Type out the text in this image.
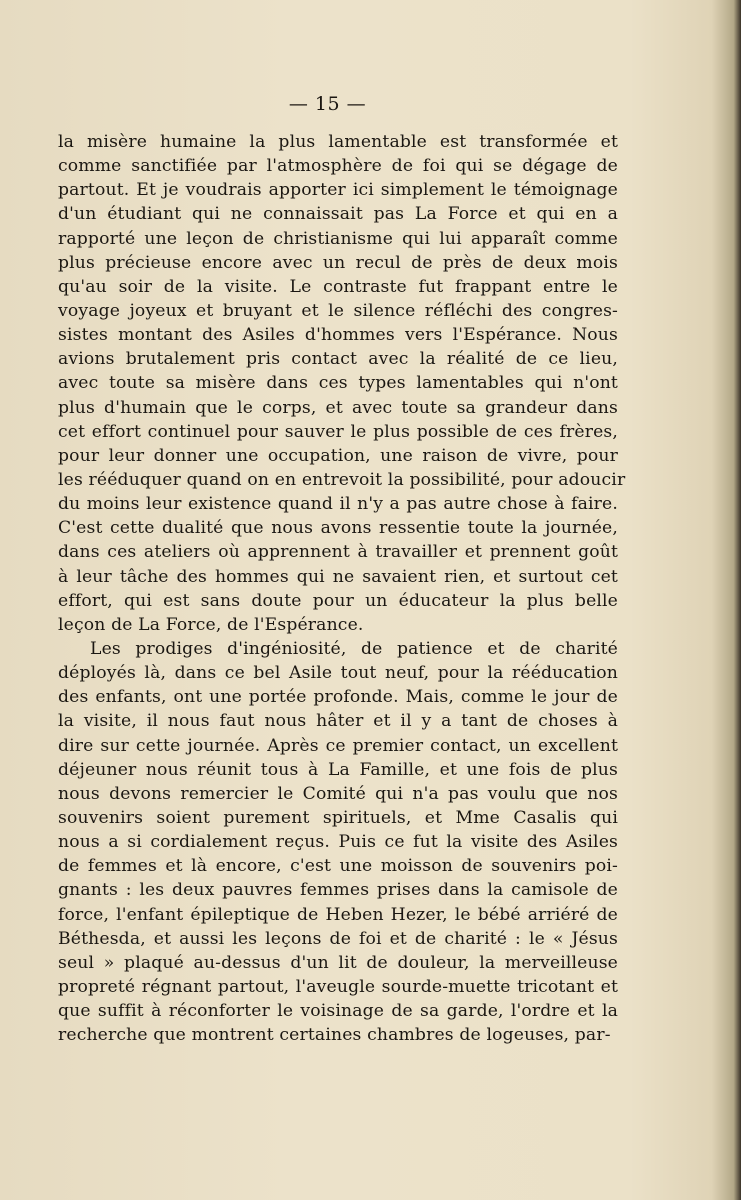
— 15 —
la misère humaine la plus lamentable est transformée et
comme sanctifiée par l'atmosphère de foi qui se dégage de
partout. Et je voudrais apporter ici simplement le témoignage
d'un étudiant qui ne connaissait pas La Force et qui en a
rapporté une leçon de christianisme qui lui apparaît comme
plus précieuse encore avec un recul de près de deux mois
qu'au soir de la visite. Le contraste fut frappant entre le
voyage joyeux et bruyant et le silence réfléchi des congres-
sistes montant des Asiles d'hommes vers l'Espérance. Nous
avions brutalement pris contact avec la réalité de ce lieu,
avec toute sa misère dans ces types lamentables qui n'ont
plus d'humain que le corps, et avec toute sa grandeur dans
cet effort continuel pour sauver le plus possible de ces frères,
pour leur donner une occupation, une raison de vivre, pour
les rééduquer quand on en entrevoit la possibilité, pour adoucir
du moins leur existence quand il n'y a pas autre chose à faire.
C'est cette dualité que nous avons ressentie toute la journée,
dans ces ateliers où apprennent à travailler et prennent goût
à leur tâche des hommes qui ne savaient rien, et surtout cet
effort, qui est sans doute pour un éducateur la plus belle
leçon de La Force, de l'Espérance.
Les prodiges d'ingéniosité, de patience et de charité
déployés là, dans ce bel Asile tout neuf, pour la rééducation
des enfants, ont une portée profonde. Mais, comme le jour de
la visite, il nous faut nous hâter et il y a tant de choses à
dire sur cette journée. Après ce premier contact, un excellent
déjeuner nous réunit tous à La Famille, et une fois de plus
nous devons remercier le Comité qui n'a pas voulu que nos
souvenirs soient purement spirituels, et Mme Casalis qui
nous a si cordialement reçus. Puis ce fut la visite des Asiles
de femmes et là encore, c'est une moisson de souvenirs poi-
gnants : les deux pauvres femmes prises dans la camisole de
force, l'enfant épileptique de Heben Hezer, le bébé arriéré de
Béthesda, et aussi les leçons de foi et de charité : le « Jésus
seul » plaqué au-dessus d'un lit de douleur, la merveilleuse
propreté régnant partout, l'aveugle sourde-muette tricotant et
que suffit à réconforter le voisinage de sa garde, l'ordre et la
recherche que montrent certaines chambres de logeuses, par-
